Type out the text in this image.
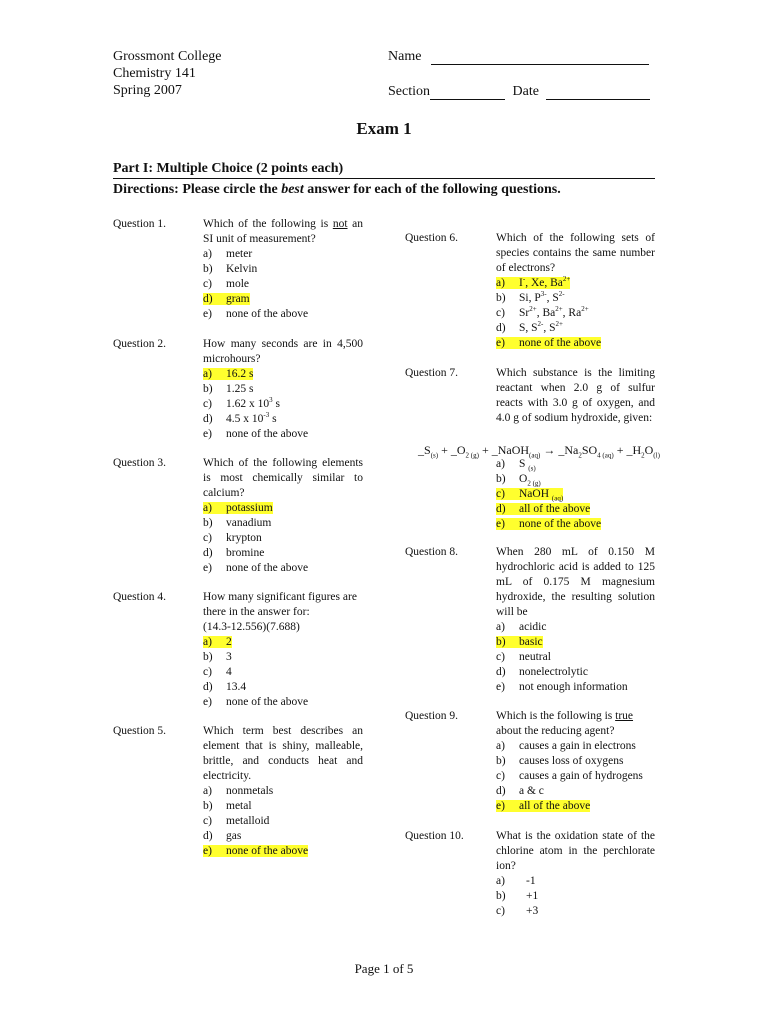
Grossmont College
Chemistry 141
Spring 2007
Name
Section	Date
Exam 1
Part I: Multiple Choice (2 points each)
Directions: Please circle the best answer for each of the following questions.
Question 1.	Which of the following is not an SI unit of measurement?
a) meter
b) Kelvin
c) mole
d) gram
e) none of the above
Question 2.	How many seconds are in 4,500 microhours?
a) 16.2 s
b) 1.25 s
c) 1.62 x $10^3$ s
d) 4.5 x $10^{-3}$ s
e) none of the above
Question 3.	Which of the following elements is most chemically similar to calcium?
a) potassium
b) vanadium
c) krypton
d) bromine
e) none of the above
Question 4.	How many significant figures are there in the answer for:
(14.3-12.556)(7.688)
a) 2
b) 3
c) 4
d) 13.4
e) none of the above
Question 5.	Which term best describes an element that is shiny, malleable, brittle, and conducts heat and electricity.
a) nonmetals
b) metal
c) metalloid
d) gas
e) none of the above
Question 6.	Which of the following sets of species contains the same number of electrons?
a) I-, Xe, $Ba^{2+}$
b) Si, $P^{3-}$, $S^{2-}$
c) $Sr^{2+}$, $Ba^{2+}$, $Ra^{2+}$
d) S, $S^{2-}$, $S^{2+}$
e) none of the above
Question 7.	Which substance is the limiting reactant when 2.0 g of sulfur reacts with 3.0 g of oxygen, and 4.0 g of sodium hydroxide, given:
$\_S_{(s)}$ + $\_O_{2 (g)}$ + _NaOH$_{(aq)}$ → $\_Na_2SO_{4 (aq)}$ + $\_H_2O_{(l)}$
a) S $_{(s)}$
b) $O_{2 (g)}$
c) NaOH $_{(aq)}$
d) all of the above
e) none of the above
Question 8.	When 280 mL of 0.150 M hydrochloric acid is added to 125 mL of 0.175 M magnesium hydroxide, the resulting solution will be
a) acidic
b) basic
c) neutral
d) nonelectrolytic
e) not enough information
Question 9.	Which is the following is true about the reducing agent?
a) causes a gain in electrons
b) causes loss of oxygens
c) causes a gain of hydrogens
d) a & c
e) all of the above
Question 10.	What is the oxidation state of the chlorine atom in the perchlorate ion?
a) -1
b) +1
c) +3
Page 1 of 5
